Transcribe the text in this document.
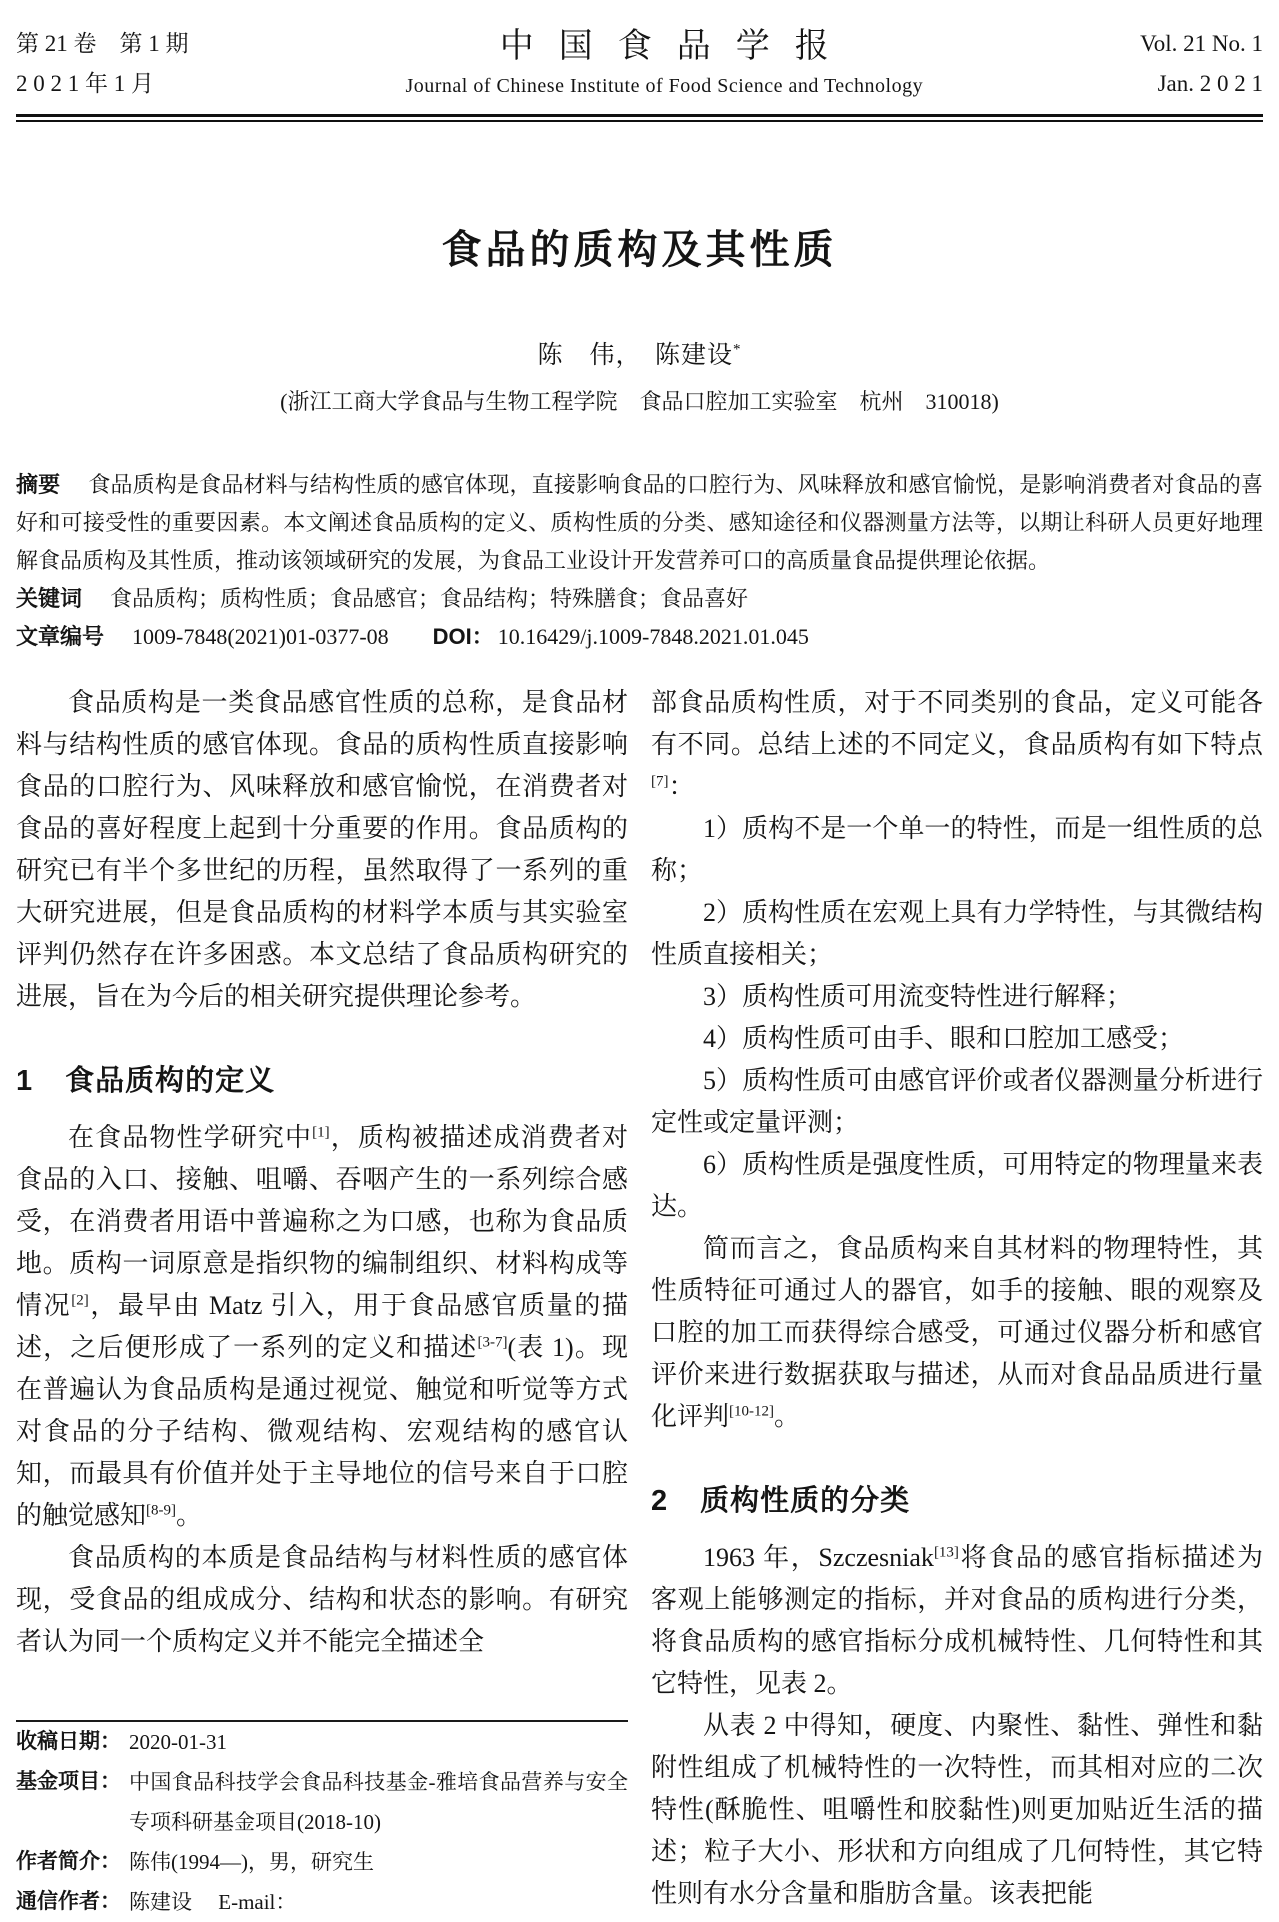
第 21 卷　第 1 期
2 0 2 1 年 1 月
中国食品学报
Journal of Chinese Institute of Food Science and Technology
Vol. 21 No. 1
Jan. 2 0 2 1
食品的质构及其性质
陈　伟，　陈建设*
(浙江工商大学食品与生物工程学院　食品口腔加工实验室　杭州　310018)

摘要 食品质构是食品材料与结构性质的感官体现，直接影响食品的口腔行为、风味释放和感官愉悦，是影响消费者对食品的喜好和可接受性的重要因素。本文阐述食品质构的定义、质构性质的分类、感知途径和仪器测量方法等，以期让科研人员更好地理解食品质构及其性质，推动该领域研究的发展，为食品工业设计开发营养可口的高质量食品提供理论依据。

关键词 食品质构；质构性质；食品感官；食品结构；特殊膳食；食品喜好

文章编号 1009-7848(2021)01-0377-08 DOI： 10.16429/j.1009-7848.2021.01.045

食品质构是一类食品感官性质的总称，是食品材料与结构性质的感官体现。食品的质构性质直接影响食品的口腔行为、风味释放和感官愉悦，在消费者对食品的喜好程度上起到十分重要的作用。食品质构的研究已有半个多世纪的历程，虽然取得了一系列的重大研究进展，但是食品质构的材料学本质与其实验室评判仍然存在许多困惑。本文总结了食品质构研究的进展，旨在为今后的相关研究提供理论参考。

1 食品质构的定义

在食品物性学研究中[1]，质构被描述成消费者对食品的入口、接触、咀嚼、吞咽产生的一系列综合感受，在消费者用语中普遍称之为口感，也称为食品质地。质构一词原意是指织物的编制组织、材料构成等情况[2]，最早由 Matz 引入，用于食品感官质量的描述，之后便形成了一系列的定义和描述[3-7](表 1)。现在普遍认为食品质构是通过视觉、触觉和听觉等方式对食品的分子结构、微观结构、宏观结构的感官认知，而最具有价值并处于主导地位的信号来自于口腔的触觉感知[8-9]。

食品质构的本质是食品结构与材料性质的感官体现，受食品的组成成分、结构和状态的影响。有研究者认为同一个质构定义并不能完全描述全

收稿日期： 2020-01-31
基金项目： 中国食品科技学会食品科技基金-雅培食品营养与安全专项科研基金项目(2018-10)
作者简介： 陈伟(1994—)，男，研究生
通信作者： 陈建设　 E-mail：

部食品质构性质，对于不同类别的食品，定义可能各有不同。总结上述的不同定义，食品质构有如下特点[7]：

1）质构不是一个单一的特性，而是一组性质的总称；

2）质构性质在宏观上具有力学特性，与其微结构性质直接相关；

3）质构性质可用流变特性进行解释；

4）质构性质可由手、眼和口腔加工感受；

5）质构性质可由感官评价或者仪器测量分析进行定性或定量评测；

6）质构性质是强度性质，可用特定的物理量来表达。

简而言之，食品质构来自其材料的物理特性，其性质特征可通过人的器官，如手的接触、眼的观察及口腔的加工而获得综合感受，可通过仪器分析和感官评价来进行数据获取与描述，从而对食品品质进行量化评判[10-12]。

2 质构性质的分类

1963 年，Szczesniak[13]将食品的感官指标描述为客观上能够测定的指标，并对食品的质构进行分类，将食品质构的感官指标分成机械特性、几何特性和其它特性，见表 2。

从表 2 中得知，硬度、内聚性、黏性、弹性和黏附性组成了机械特性的一次特性，而其相对应的二次特性(酥脆性、咀嚼性和胶黏性)则更加贴近生活的描述；粒子大小、形状和方向组成了几何特性，其它特性则有水分含量和脂肪含量。该表把能
